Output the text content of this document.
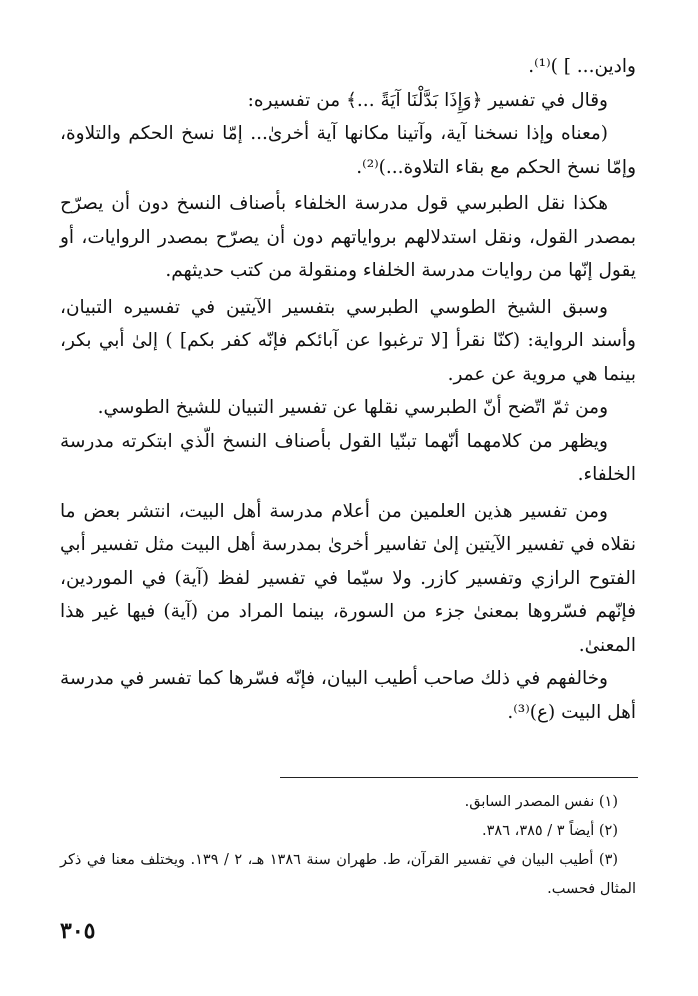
وادين... ] )⁽¹⁾.

وقال في تفسير ﴿وَإِذَا بَدَّلْنَا آيَةً ...﴾ من تفسيره:

(معناه وإذا نسخنا آية، وآتينا مكانها آية أخرىٰ... إمّا نسخ الحكم والتلاوة، وإمّا نسخ الحكم مع بقاء التلاوة...)⁽²⁾.

هكذا نقل الطبرسي قول مدرسة الخلفاء بأصناف النسخ دون أن يصرّح بمصدر القول، ونقل استدلالهم برواياتهم دون أن يصرّح بمصدر الروايات، أو يقول إنّها من روايات مدرسة الخلفاء ومنقولة من كتب حديثهم.

وسبق الشيخ الطوسي الطبرسي بتفسير الآيتين في تفسيره التبيان، وأسند الرواية: (كنّا نقرأ [لا ترغبوا عن آبائكم فإنّه كفر بكم] ) إلىٰ أبي بكر، بينما هي مروية عن عمر.

ومن ثمّ اتّضح أنّ الطبرسي نقلها عن تفسير التبيان للشيخ الطوسي.

ويظهر من كلامهما أنّهما تبنّيا القول بأصناف النسخ الّذي ابتكرته مدرسة الخلفاء.

ومن تفسير هذين العلمين من أعلام مدرسة أهل البيت، انتشر بعض ما نقلاه في تفسير الآيتين إلىٰ تفاسير أخرىٰ بمدرسة أهل البيت مثل تفسير أبي الفتوح الرازي وتفسير كازر. ولا سيّما في تفسير لفظ (آية) في الموردين، فإنّهم فسّروها بمعنىٰ جزء من السورة، بينما المراد من (آية) فيها غير هذا المعنىٰ.

وخالفهم في ذلك صاحب أطيب البيان، فإنّه فسّرها كما تفسر في مدرسة أهل البيت (ع)⁽³⁾.

(١) نفس المصدر السابق.

(٢) أيضاً ٣ / ٣٨٥، ٣٨٦.

(٣) أطيب البيان في تفسير القرآن، ط. طهران سنة ١٣٨٦ هـ، ٢ / ١٣٩. ويختلف معنا في ذكر المثال فحسب.

٣٠٥
